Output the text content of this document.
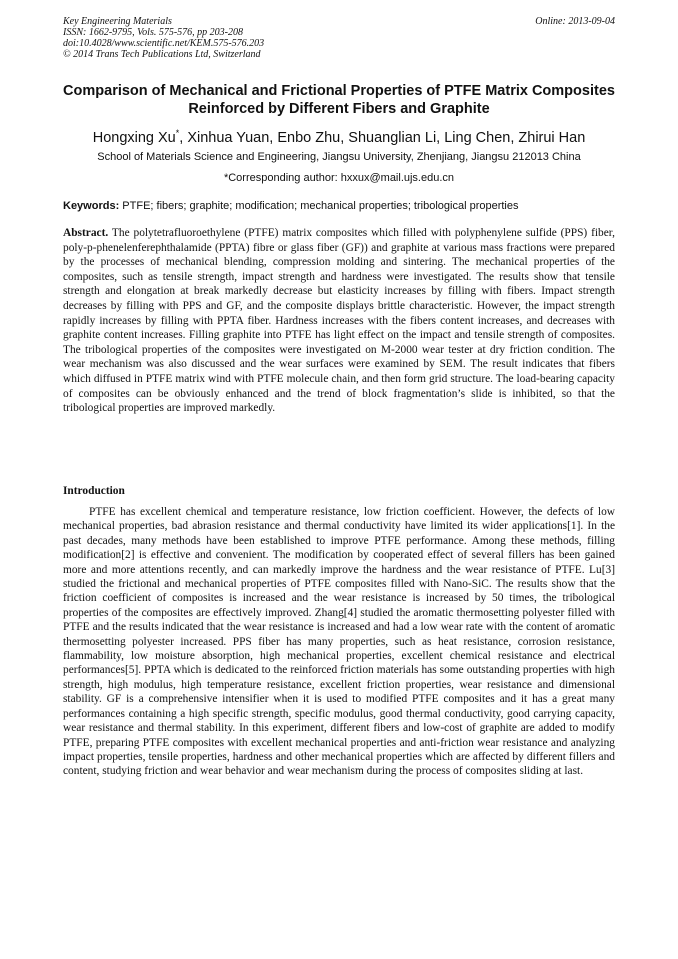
Key Engineering Materials
ISSN: 1662-9795, Vols. 575-576, pp 203-208
doi:10.4028/www.scientific.net/KEM.575-576.203
© 2014 Trans Tech Publications Ltd, Switzerland
Online: 2013-09-04
Comparison of Mechanical and Frictional Properties of PTFE Matrix Composites Reinforced by Different Fibers and Graphite
Hongxing Xu*, Xinhua Yuan, Enbo Zhu, Shuanglian Li, Ling Chen, Zhirui Han
School of Materials Science and Engineering, Jiangsu University, Zhenjiang, Jiangsu 212013 China
*Corresponding author: hxxux@mail.ujs.edu.cn
Keywords: PTFE; fibers; graphite; modification; mechanical properties; tribological properties
Abstract. The polytetrafluoroethylene (PTFE) matrix composites which filled with polyphenylene sulfide (PPS) fiber, poly-p-phenelenferephthalamide (PPTA) fibre or glass fiber (GF)) and graphite at various mass fractions were prepared by the processes of mechanical blending, compression molding and sintering. The mechanical properties of the composites, such as tensile strength, impact strength and hardness were investigated. The results show that tensile strength and elongation at break markedly decrease but elasticity increases by filling with fibers. Impact strength decreases by filling with PPS and GF, and the composite displays brittle characteristic. However, the impact strength rapidly increases by filling with PPTA fiber. Hardness increases with the fibers content increases, and decreases with graphite content increases. Filling graphite into PTFE has light effect on the impact and tensile strength of composites. The tribological properties of the composites were investigated on M-2000 wear tester at dry friction condition. The wear mechanism was also discussed and the wear surfaces were examined by SEM. The result indicates that fibers which diffused in PTFE matrix wind with PTFE molecule chain, and then form grid structure. The load-bearing capacity of composites can be obviously enhanced and the trend of block fragmentation’s slide is inhibited, so that the tribological properties are improved markedly.
Introduction
PTFE has excellent chemical and temperature resistance, low friction coefficient. However, the defects of low mechanical properties, bad abrasion resistance and thermal conductivity have limited its wider applications[1]. In the past decades, many methods have been established to improve PTFE performance. Among these methods, filling modification[2] is effective and convenient. The modification by cooperated effect of several fillers has been gained more and more attentions recently, and can markedly improve the hardness and the wear resistance of PTFE. Lu[3] studied the frictional and mechanical properties of PTFE composites filled with Nano-SiC. The results show that the friction coefficient of composites is increased and the wear resistance is increased by 50 times, the tribological properties of the composites are effectively improved. Zhang[4] studied the aromatic thermosetting polyester filled with PTFE and the results indicated that the wear resistance is increased and had a low wear rate with the content of aromatic thermosetting polyester increased. PPS fiber has many properties, such as heat resistance, corrosion resistance, flammability, low moisture absorption, high mechanical properties, excellent chemical resistance and electrical performances[5]. PPTA which is dedicated to the reinforced friction materials has some outstanding properties with high strength, high modulus, high temperature resistance, excellent friction properties, wear resistance and dimensional stability. GF is a comprehensive intensifier when it is used to modified PTFE composites and it has a great many performances containing a high specific strength, specific modulus, good thermal conductivity, good carrying capacity, wear resistance and thermal stability. In this experiment, different fibers and low-cost of graphite are added to modify PTFE, preparing PTFE composites with excellent mechanical properties and anti-friction wear resistance and analyzing impact properties, tensile properties, hardness and other mechanical properties which are affected by different fillers and content, studying friction and wear behavior and wear mechanism during the process of composites sliding at last.
